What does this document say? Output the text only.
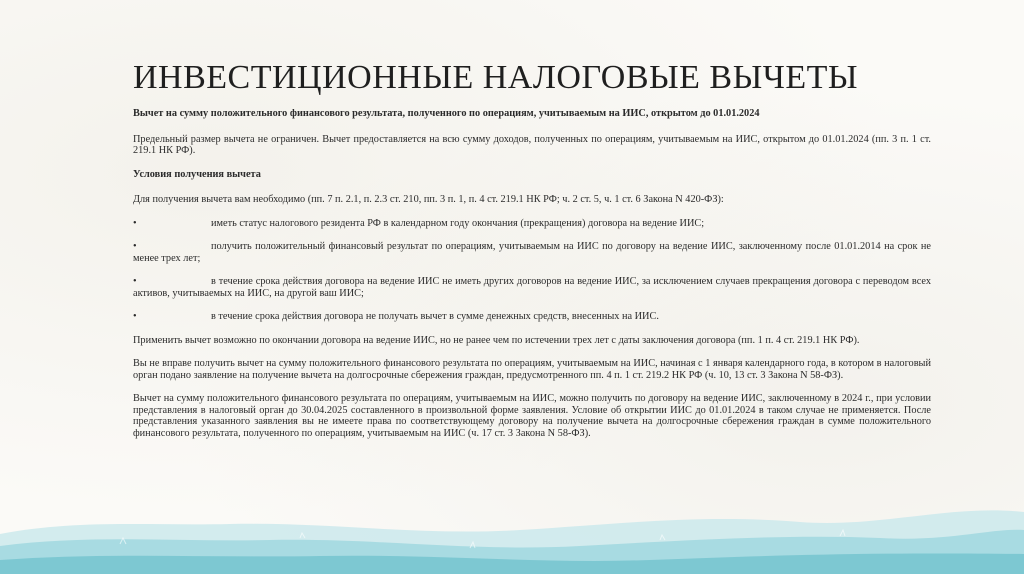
ИНВЕСТИЦИОННЫЕ НАЛОГОВЫЕ ВЫЧЕТЫ

Вычет на сумму положительного финансового результата, полученного по операциям, учитываемым на ИИС, открытом до 01.01.2024

Предельный размер вычета не ограничен. Вычет предоставляется на всю сумму доходов, полученных по операциям, учитываемым на ИИС, открытом до 01.01.2024 (пп. 3 п. 1 ст. 219.1 НК РФ).

Условия получения вычета

Для получения вычета вам необходимо (пп. 7 п. 2.1, п. 2.3 ст. 210, пп. 3 п. 1, п. 4 ст. 219.1 НК РФ; ч. 2 ст. 5, ч. 1 ст. 6 Закона N 420-ФЗ):

•	иметь статус налогового резидента РФ в календарном году окончания (прекращения) договора на ведение ИИС;

•	получить положительный финансовый результат по операциям, учитываемым на ИИС по договору на ведение ИИС, заключенному после 01.01.2014 на срок не менее трех лет;

•	в течение срока действия договора на ведение ИИС не иметь других договоров на ведение ИИС, за исключением случаев прекращения договора с переводом всех активов, учитываемых на ИИС, на другой ваш ИИС;

•	в течение срока действия договора не получать вычет в сумме денежных средств, внесенных на ИИС.

Применить вычет возможно по окончании договора на ведение ИИС, но не ранее чем по истечении трех лет с даты заключения договора (пп. 1 п. 4 ст. 219.1 НК РФ).

Вы не вправе получить вычет на сумму положительного финансового результата по операциям, учитываемым на ИИС, начиная с 1 января календарного года, в котором в налоговый орган подано заявление на получение вычета на долгосрочные сбережения граждан, предусмотренного пп. 4 п. 1 ст. 219.2 НК РФ (ч. 10, 13 ст. 3 Закона N 58-ФЗ).

Вычет на сумму положительного финансового результата по операциям, учитываемым на ИИС, можно получить по договору на ведение ИИС, заключенному в 2024 г., при условии представления в налоговый орган до 30.04.2025 составленного в произвольной форме заявления. Условие об открытии ИИС до 01.01.2024 в таком случае не применяется. После представления указанного заявления вы не имеете права по соответствующему договору на получение вычета на долгосрочные сбережения граждан в сумме положительного финансового результата, полученного по операциям, учитываемым на ИИС (ч. 17 ст. 3 Закона N 58-ФЗ).
